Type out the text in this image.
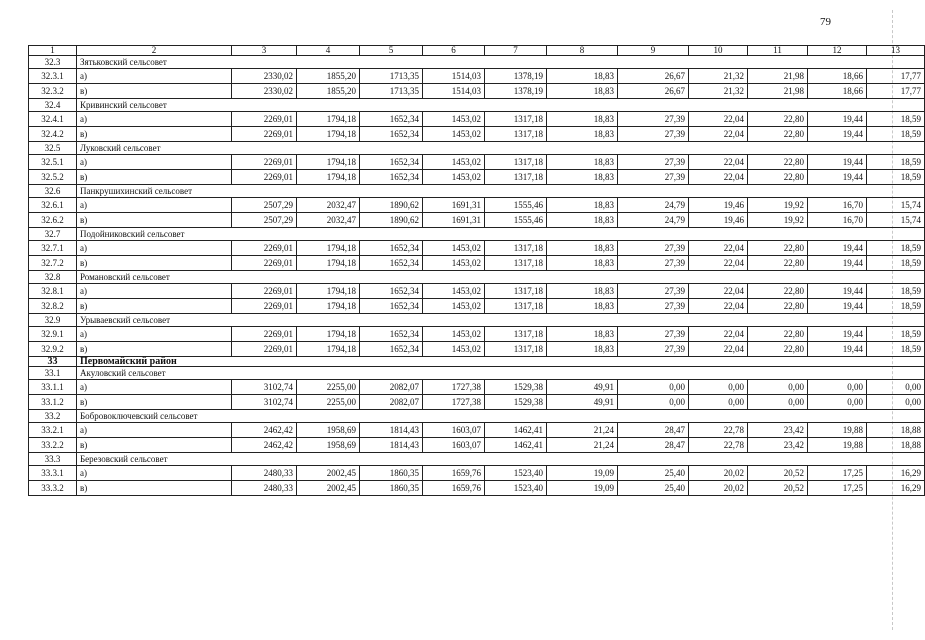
79
1	2	3	4	5	6	7	8	9	10	11	12	13
32.3	Зятьковский сельсовет											
32.3.1	а)	2330,02	1855,20	1713,35	1514,03	1378,19	18,83	26,67	21,32	21,98	18,66	17,77
32.3.2	в)	2330,02	1855,20	1713,35	1514,03	1378,19	18,83	26,67	21,32	21,98	18,66	17,77
32.4	Кривинский сельсовет											
32.4.1	а)	2269,01	1794,18	1652,34	1453,02	1317,18	18,83	27,39	22,04	22,80	19,44	18,59
32.4.2	в)	2269,01	1794,18	1652,34	1453,02	1317,18	18,83	27,39	22,04	22,80	19,44	18,59
32.5	Луковский сельсовет											
32.5.1	а)	2269,01	1794,18	1652,34	1453,02	1317,18	18,83	27,39	22,04	22,80	19,44	18,59
32.5.2	в)	2269,01	1794,18	1652,34	1453,02	1317,18	18,83	27,39	22,04	22,80	19,44	18,59
32.6	Панкрушихинский сельсовет											
32.6.1	а)	2507,29	2032,47	1890,62	1691,31	1555,46	18,83	24,79	19,46	19,92	16,70	15,74
32.6.2	в)	2507,29	2032,47	1890,62	1691,31	1555,46	18,83	24,79	19,46	19,92	16,70	15,74
32.7	Подойниковский сельсовет											
32.7.1	а)	2269,01	1794,18	1652,34	1453,02	1317,18	18,83	27,39	22,04	22,80	19,44	18,59
32.7.2	в)	2269,01	1794,18	1652,34	1453,02	1317,18	18,83	27,39	22,04	22,80	19,44	18,59
32.8	Романовский сельсовет											
32.8.1	а)	2269,01	1794,18	1652,34	1453,02	1317,18	18,83	27,39	22,04	22,80	19,44	18,59
32.8.2	в)	2269,01	1794,18	1652,34	1453,02	1317,18	18,83	27,39	22,04	22,80	19,44	18,59
32.9	Урываевский сельсовет											
32.9.1	а)	2269,01	1794,18	1652,34	1453,02	1317,18	18,83	27,39	22,04	22,80	19,44	18,59
32.9.2	в)	2269,01	1794,18	1652,34	1453,02	1317,18	18,83	27,39	22,04	22,80	19,44	18,59
33	Первомайский район											
33.1	Акуловский сельсовет											
33.1.1	а)	3102,74	2255,00	2082,07	1727,38	1529,38	49,91	0,00	0,00	0,00	0,00	0,00
33.1.2	в)	3102,74	2255,00	2082,07	1727,38	1529,38	49,91	0,00	0,00	0,00	0,00	0,00
33.2	Бобровоключевский сельсовет											
33.2.1	а)	2462,42	1958,69	1814,43	1603,07	1462,41	21,24	28,47	22,78	23,42	19,88	18,88
33.2.2	в)	2462,42	1958,69	1814,43	1603,07	1462,41	21,24	28,47	22,78	23,42	19,88	18,88
33.3	Березовский сельсовет											
33.3.1	а)	2480,33	2002,45	1860,35	1659,76	1523,40	19,09	25,40	20,02	20,52	17,25	16,29
33.3.2	в)	2480,33	2002,45	1860,35	1659,76	1523,40	19,09	25,40	20,02	20,52	17,25	16,29
